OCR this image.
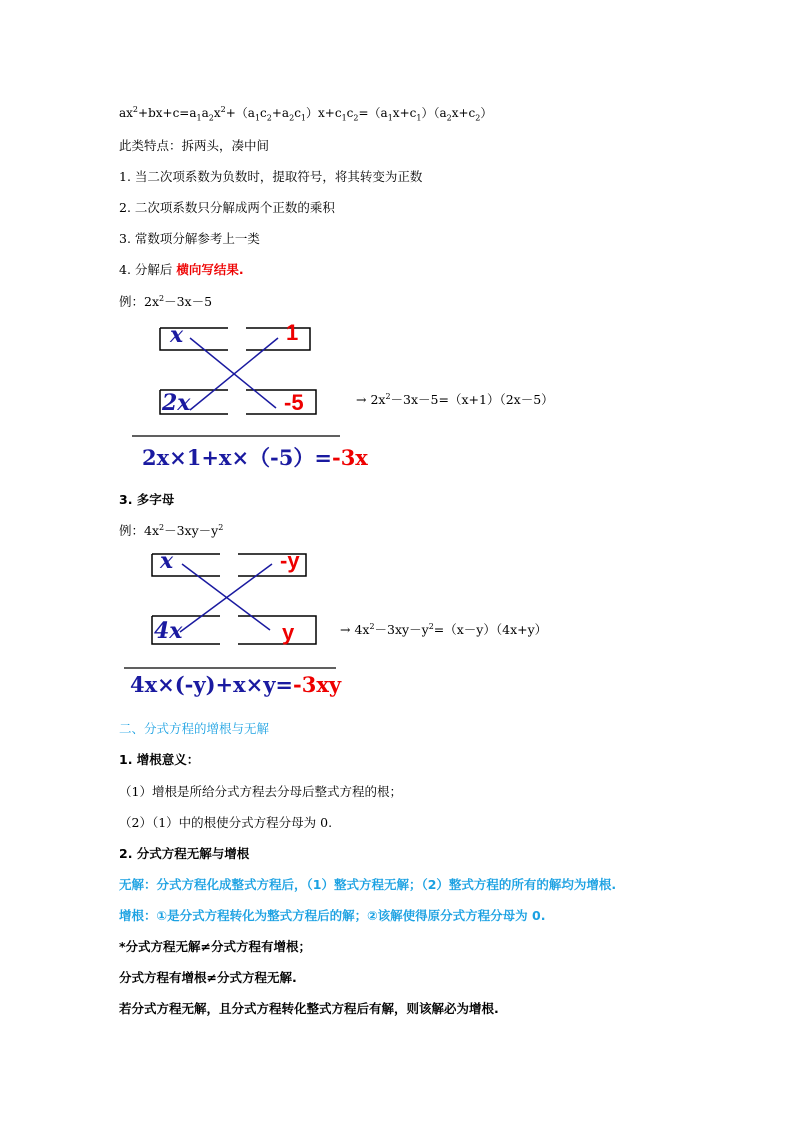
$ax^2+bx+c=a_1a_2x^2+(a_1c_2+a_2c_1)x+c_1c_2=(a_1x+c_1)(a_2x+c_2)$
此类特点：拆两头，凑中间
1. 当二次项系数为负数时，提取符号，将其转变为正数
2. 二次项系数只分解成两个正数的乘积
3. 常数项分解参考上一类
4. 分解后 横向写结果.
例：$2x^2-3x-5$
x	1
2x	-5
2x×1+x×（-5）=-3x
→ $2x^2-3x-5=(x+1)(2x-5)$
3. 多字母
例：$4x^2-3xy-y^2$
x	-y
4x	y
4x×(-y)+x×y=-3xy
→ $4x^2-3xy-y^2=(x-y)(4x+y)$
二、分式方程的增根与无解
1. 增根意义：
（1）增根是所给分式方程去分母后整式方程的根；
（2）（1）中的根使分式方程分母为 0.
2. 分式方程无解与增根
无解：分式方程化成整式方程后，（1）整式方程无解；（2）整式方程的所有的解均为增根.
增根：①是分式方程转化为整式方程后的解；②该解使得原分式方程分母为 0.
*分式方程无解≠分式方程有增根；
分式方程有增根≠分式方程无解.
若分式方程无解，且分式方程转化整式方程后有解，则该解必为增根.
